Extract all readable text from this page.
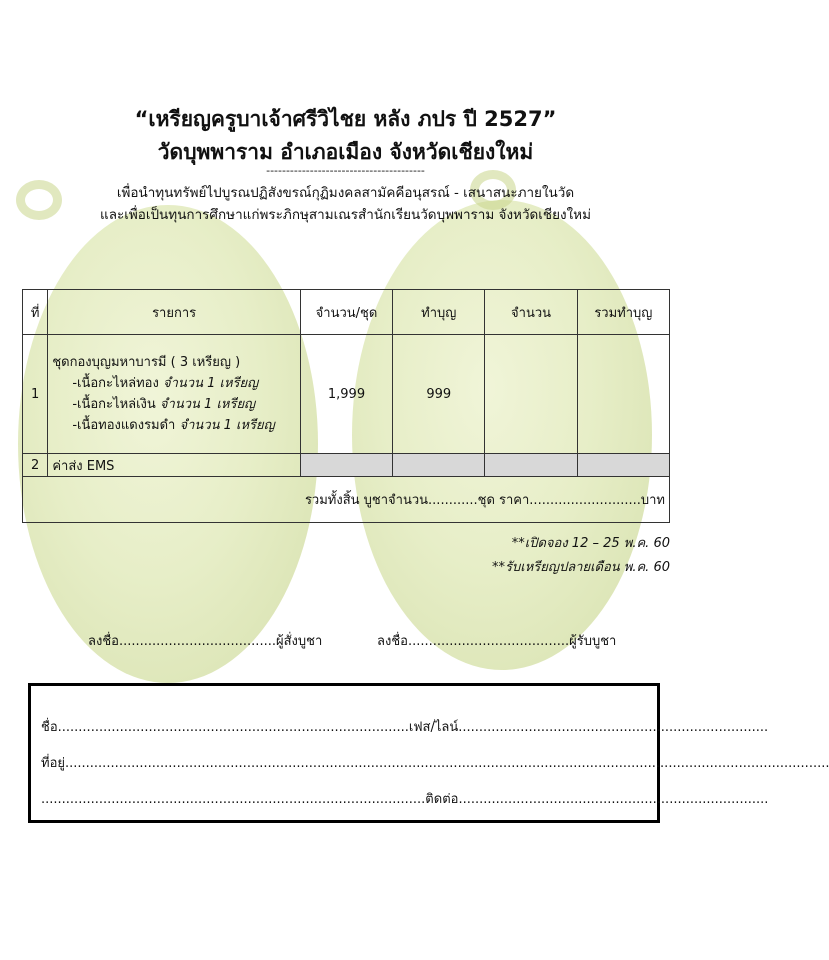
“เหรียญครูบาเจ้าศรีวิไชย หลัง ภปร ปี 2527”
วัดบุพพาราม อำเภอเมือง จังหวัดเชียงใหม่
----------------------------------------
เพื่อนำทุนทรัพย์ไปบูรณปฏิสังขรณ์กุฏิมงคลสามัคคีอนุสรณ์ - เสนาสนะภายในวัด
และเพื่อเป็นทุนการศึกษาแก่พระภิกษุสามเณรสำนักเรียนวัดบุพพาราม จังหวัดเชียงใหม่
ที่	รายการ	จำนวน/ชุด	ทำบุญ	จำนวน	รวมทำบุญ
1	ชุดกองบุญมหาบารมี ( 3 เหรียญ )
-เนื้อกะไหล่ทอง จำนวน 1 เหรียญ
-เนื้อกะไหล่เงิน จำนวน 1 เหรียญ
-เนื้อทองแดงรมดำ จำนวน 1 เหรียญ	1,999	999		
2	ค่าส่ง EMS				
รวมทั้งสิ้น บูชาจำนวน............ชุด ราคา...........................บาท					
**เปิดจอง 12 – 25 พ.ค. 60
**รับเหรียญปลายเดือน พ.ค. 60
ลงชื่อ......................................ผู้สั่งบูชา	ลงชื่อ.......................................ผู้รับบูชา
ชื่อ.....................................................................................เฟส/ไลน์...........................................................................
ที่อยู่.........................................................................................................................................................................................
.............................................................................................ติดต่อ...........................................................................
